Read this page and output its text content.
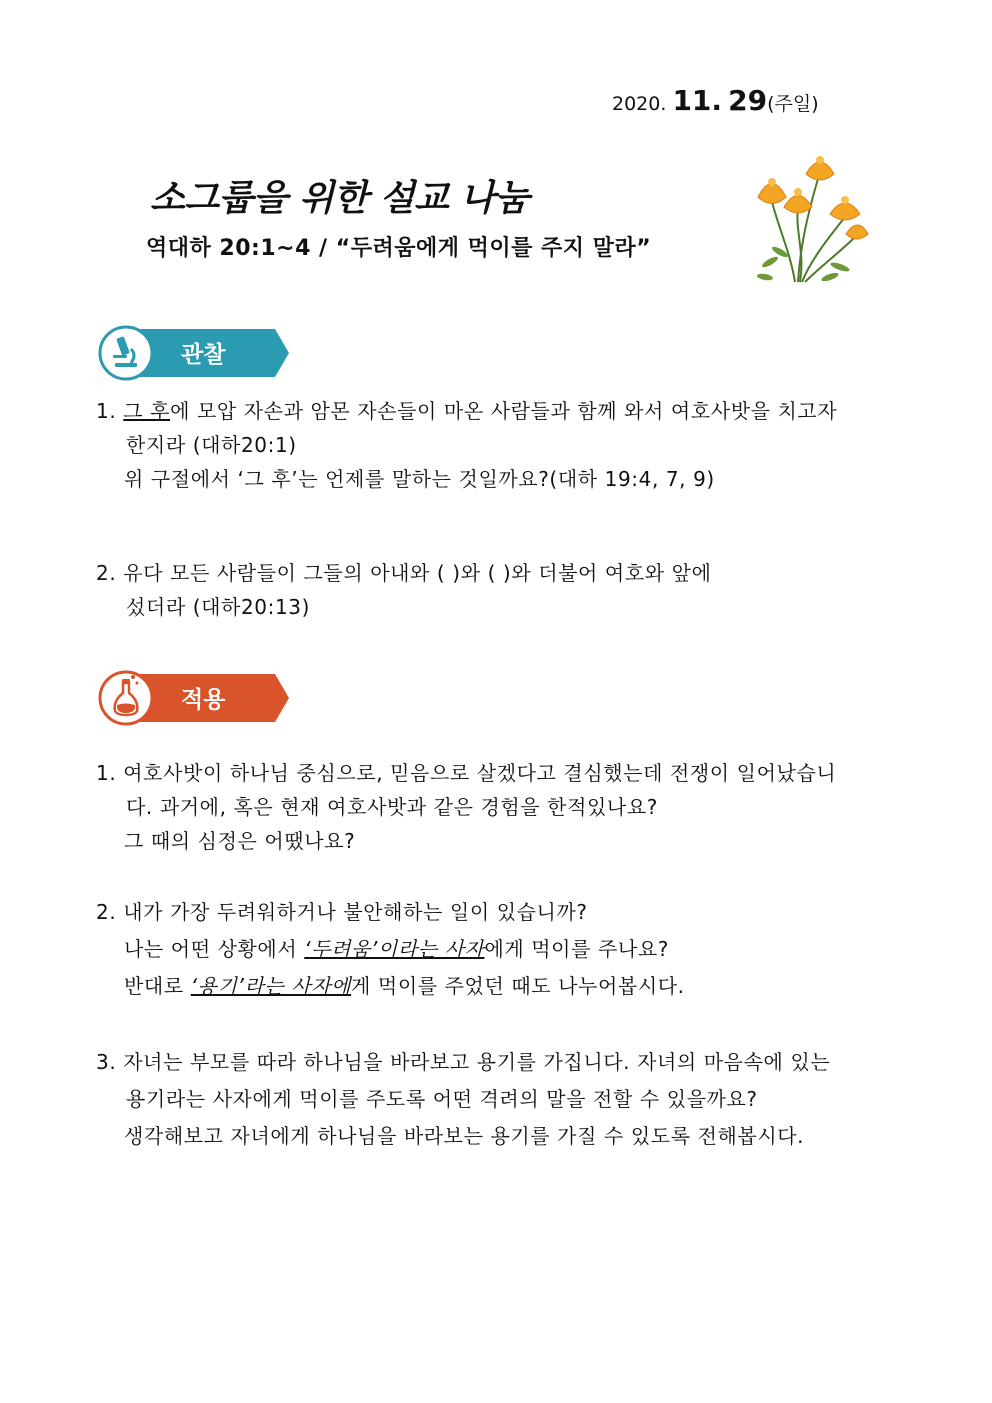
2020. 11. 29(주일)
소그룹을 위한 설교 나눔
역대하 20:1~4 / “두려움에게 먹이를 주지 말라”
관찰
1. 그 후에 모압 자손과 암몬 자손들이 마온 사람들과 함께 와서 여호사밧을 치고자
한지라 (대하20:1)
위 구절에서 ‘그 후’는 언제를 말하는 것일까요?(대하 19:4, 7, 9)
2. 유다 모든 사람들이 그들의 아내와 ( )와 ( )와 더불어 여호와 앞에
섰더라 (대하20:13)
적용
1. 여호사밧이 하나님 중심으로, 믿음으로 살겠다고 결심했는데 전쟁이 일어났습니
다. 과거에, 혹은 현재 여호사밧과 같은 경험을 한적있나요?
그 때의 심정은 어땠나요?
2. 내가 가장 두려워하거나 불안해하는 일이 있습니까?
나는 어떤 상황에서 ‘두려움’이라는 사자에게 먹이를 주나요?
반대로 ‘용기’라는 사자에게 먹이를 주었던 때도 나누어봅시다.
3. 자녀는 부모를 따라 하나님을 바라보고 용기를 가집니다. 자녀의 마음속에 있는
용기라는 사자에게 먹이를 주도록 어떤 격려의 말을 전할 수 있을까요?
생각해보고 자녀에게 하나님을 바라보는 용기를 가질 수 있도록 전해봅시다.
